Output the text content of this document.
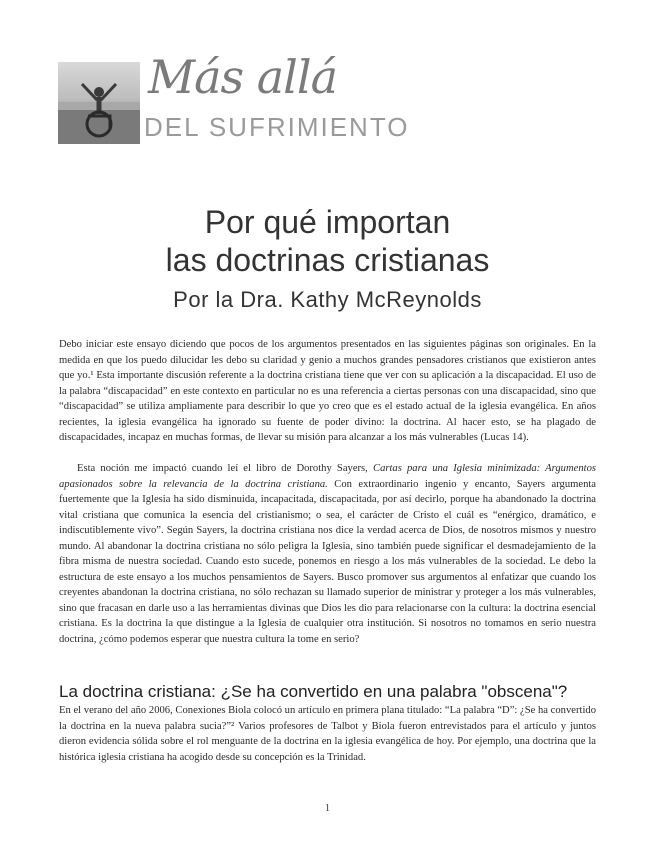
Más allá
DEL SUFRIMIENTO
Por qué importan
las doctrinas cristianas
Por la Dra. Kathy McReynolds
Debo iniciar este ensayo diciendo que pocos de los argumentos presentados en las siguientes páginas son originales. En la medida en que los puedo dilucidar les debo su claridad y genio a muchos grandes pensadores cristianos que existieron antes que yo.¹ Esta importante discusión referente a la doctrina cristiana tiene que ver con su aplicación a la discapacidad. El uso de la palabra “discapacidad” en este contexto en particular no es una referencia a ciertas personas con una discapacidad, sino que “discapacidad” se utiliza ampliamente para describir lo que yo creo que es el estado actual de la iglesia evangélica. En años recientes, la iglesia evangélica ha ignorado su fuente de poder divino: la doctrina. Al hacer esto, se ha plagado de discapacidades, incapaz en muchas formas, de llevar su misión para alcanzar a los más vulnerables (Lucas 14).
Esta noción me impactó cuando leí el libro de Dorothy Sayers, Cartas para una Iglesia minimizada: Argumentos apasionados sobre la relevancia de la doctrina cristiana. Con extraordinario ingenio y encanto, Sayers argumenta fuertemente que la Iglesia ha sido disminuida, incapacitada, discapacitada, por así decirlo, porque ha abandonado la doctrina vital cristiana que comunica la esencia del cristianismo; o sea, el carácter de Cristo el cuál es “enérgico, dramático, e indiscutiblemente vivo”. Según Sayers, la doctrina cristiana nos dice la verdad acerca de Dios, de nosotros mismos y nuestro mundo. Al abandonar la doctrina cristiana no sólo peligra la Iglesia, sino también puede significar el desmadejamiento de la fibra misma de nuestra sociedad. Cuando esto sucede, ponemos en riesgo a los más vulnerables de la sociedad. Le debo la estructura de este ensayo a los muchos pensamientos de Sayers. Busco promover sus argumentos al enfatizar que cuando los creyentes abandonan la doctrina cristiana, no sólo rechazan su llamado superior de ministrar y proteger a los más vulnerables, sino que fracasan en darle uso a las herramientas divinas que Dios les dio para relacionarse con la cultura: la doctrina esencial cristiana. Es la doctrina la que distingue a la Iglesia de cualquier otra institución. Si nosotros no tomamos en serio nuestra doctrina, ¿cómo podemos esperar que nuestra cultura la tome en serio?
La doctrina cristiana: ¿Se ha convertido en una palabra "obscena"?
En el verano del año 2006, Conexiones Biola colocó un artículo en primera plana titulado: “La palabra “D”: ¿Se ha convertido la doctrina en la nueva palabra sucia?”² Varios profesores de Talbot y Biola fueron entrevistados para el artículo y juntos dieron evidencia sólida sobre el rol menguante de la doctrina en la iglesia evangélica de hoy. Por ejemplo, una doctrina que la histórica iglesia cristiana ha acogido desde su concepción es la Trinidad.
1
